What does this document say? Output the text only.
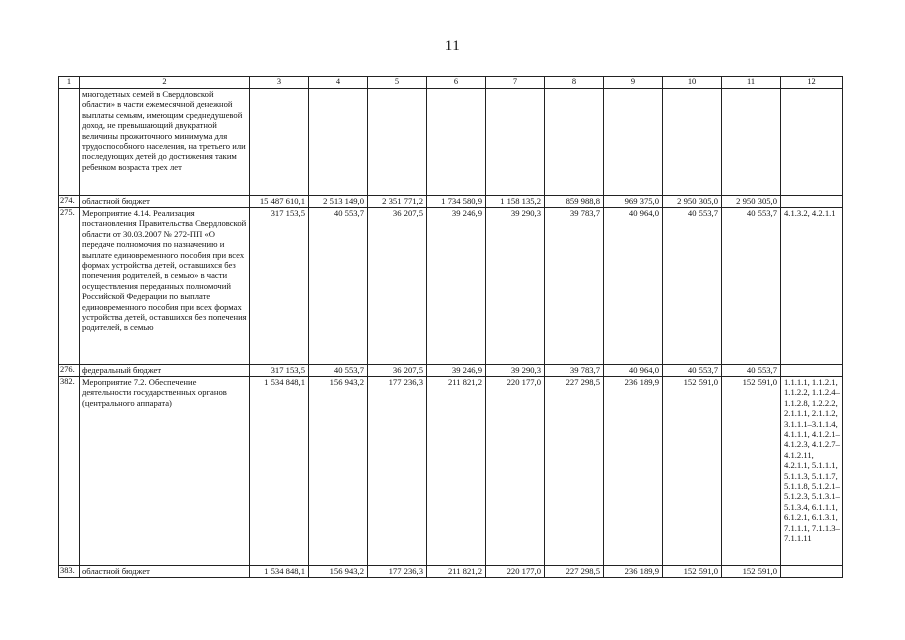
11
1	2	3	4	5	6	7	8	9	10	11	12
	многодетных семей в Свердловской области» в части ежемесячной денежной выплаты семьям, имеющим среднедушевой доход, не превышающий двукратной величины прожиточного минимума для трудоспособного населения, на третьего или последующих детей до достижения таким ребенком возраста трех лет										
274.	областной бюджет	15 487 610,1	2 513 149,0	2 351 771,2	1 734 580,9	1 158 135,2	859 988,8	969 375,0	2 950 305,0	2 950 305,0	
275.	Мероприятие 4.14. Реализация постановления Правительства Свердловской области от 30.03.2007 № 272-ПП «О передаче полномочия по назначению и выплате единовременного пособия при всех формах устройства детей, оставшихся без попечения родителей, в семью» в части осуществления переданных полномочий Российской Федерации по выплате единовременного пособия при всех формах устройства детей, оставшихся без попечения родителей, в семью	317 153,5	40 553,7	36 207,5	39 246,9	39 290,3	39 783,7	40 964,0	40 553,7	40 553,7	4.1.3.2, 4.2.1.1
276.	федеральный бюджет	317 153,5	40 553,7	36 207,5	39 246,9	39 290,3	39 783,7	40 964,0	40 553,7	40 553,7	
382.	Мероприятие 7.2. Обеспечение деятельности государственных органов (центрального аппарата)	1 534 848,1	156 943,2	177 236,3	211 821,2	220 177,0	227 298,5	236 189,9	152 591,0	152 591,0	1.1.1.1, 1.1.2.1, 1.1.2.2, 1.1.2.4–1.1.2.8, 1.2.2.2, 2.1.1.1, 2.1.1.2, 3.1.1.1–3.1.1.4, 4.1.1.1, 4.1.2.1–4.1.2.3, 4.1.2.7– 4.1.2.11, 4.2.1.1, 5.1.1.1, 5.1.1.3, 5.1.1.7, 5.1.1.8, 5.1.2.1–5.1.2.3, 5.1.3.1–5.1.3.4, 6.1.1.1, 6.1.2.1, 6.1.3.1, 7.1.1.1, 7.1.1.3– 7.1.1.11
383.	областной бюджет	1 534 848,1	156 943,2	177 236,3	211 821,2	220 177,0	227 298,5	236 189,9	152 591,0	152 591,0	
